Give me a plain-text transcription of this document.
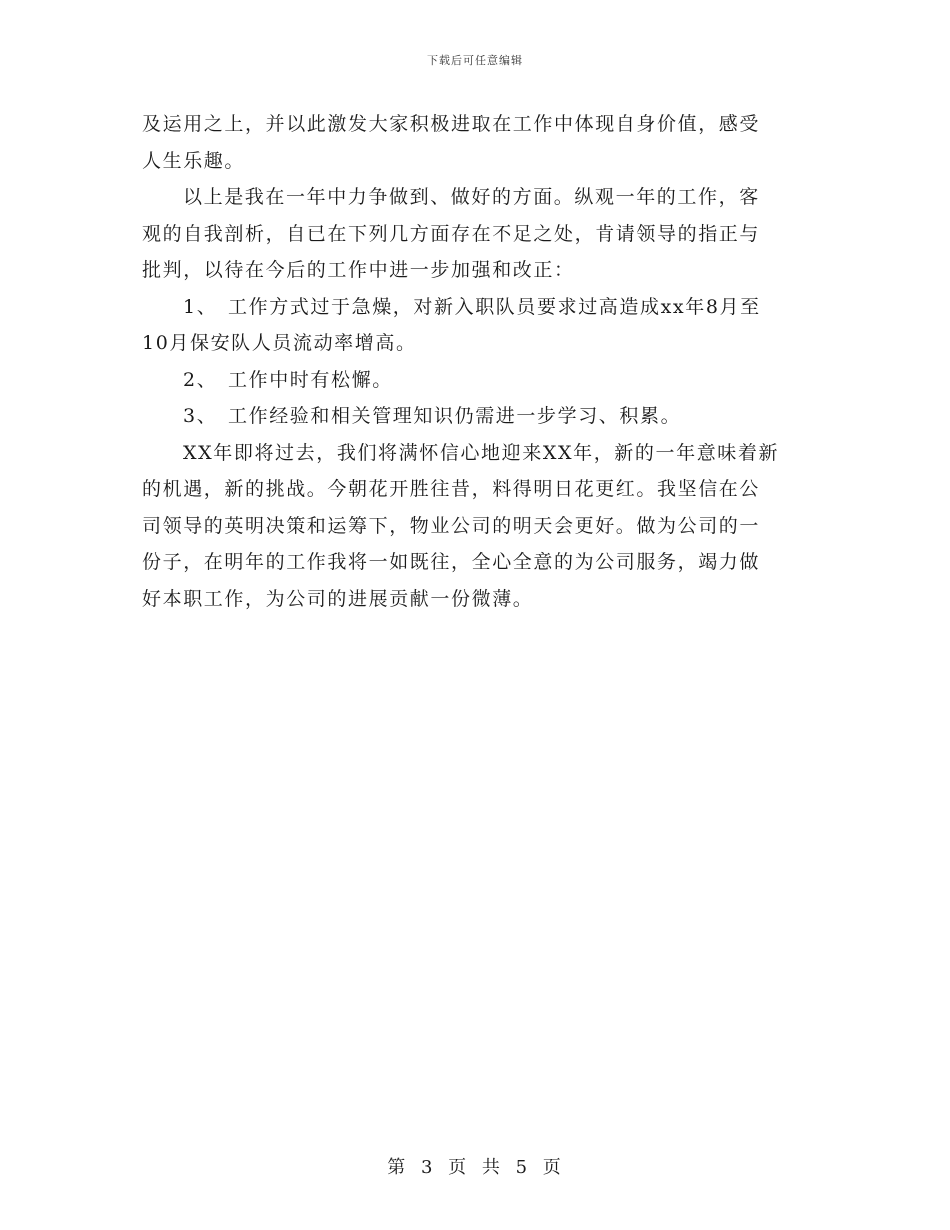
下载后可任意编辑
及运用之上，并以此激发大家积极进取在工作中体现自身价值，感受
人生乐趣。
以上是我在一年中力争做到、做好的方面。纵观一年的工作，客
观的自我剖析，自已在下列几方面存在不足之处，肯请领导的指正与
批判，以待在今后的工作中进一步加强和改正：
1、 工作方式过于急燥，对新入职队员要求过高造成xx年8月至
10月保安队人员流动率增高。
2、 工作中时有松懈。
3、 工作经验和相关管理知识仍需进一步学习、积累。
XX年即将过去，我们将满怀信心地迎来XX年，新的一年意味着新
的机遇，新的挑战。今朝花开胜往昔，料得明日花更红。我坚信在公
司领导的英明决策和运筹下，物业公司的明天会更好。做为公司的一
份子，在明年的工作我将一如既往，全心全意的为公司服务，竭力做
好本职工作，为公司的进展贡献一份微薄。
第 3 页 共 5 页
